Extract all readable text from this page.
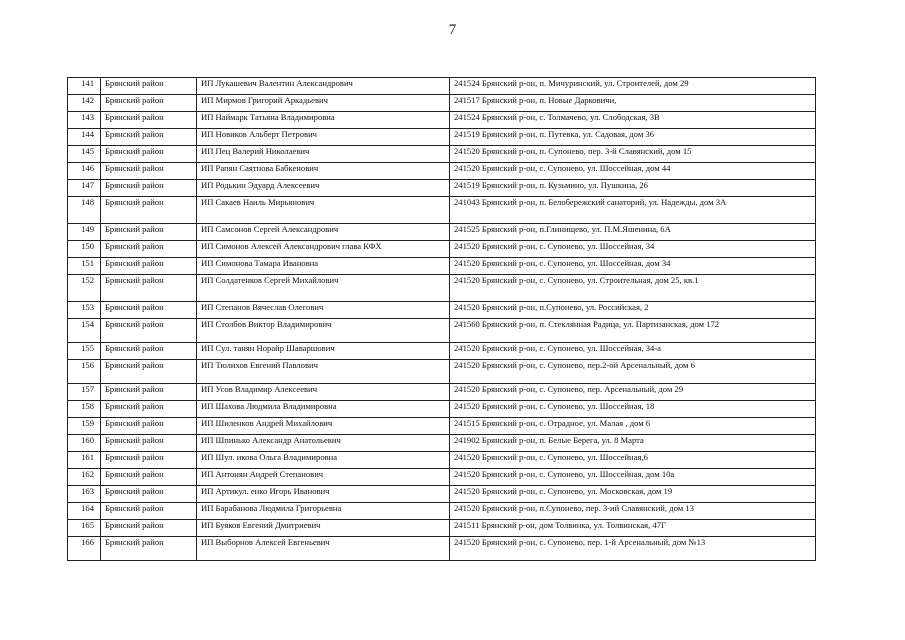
7
141	Брянский район	ИП Лукашевич Валентин Александрович	241524 Брянский р-он, п. Мичуринский, ул. Строителей, дом 29
142	Брянский район	ИП Мирмов Григорий Аркадьевич	241517 Брянский р-он, п. Новые Дарковичи,
143	Брянский район	ИП Наймарк Татьяна Владимировна	241524 Брянский р-он, с. Толмачево, ул. Слободская, 3В
144	Брянский район	ИП Новиков Альберт Петрович	241519 Брянский р-он, п. Путевка, ул. Садовая, дом 36
145	Брянский район	ИП Пец Валерий Николаевич	241520 Брянский р-он, п. Супонево, пер. 3-й Славянский, дом 15
146	Брянский район	ИП Рапян Саятнова Бабкенович	241520 Брянский р-он, с. Супонево, ул. Шоссейная, дом 44
147	Брянский район	ИП Родькин Эдуард Алексеевич	241519 Брянский р-он, п. Кузьмино, ул. Пушкина, 26
148	Брянский район	ИП Сакаев Наиль Мирьянович	241043 Брянский р-он, п. Белобережский санаторий, ул. Надежды, дом 3А
149	Брянский район	ИП Самсонов Сергей Александрович	241525 Брянский р-он, п.Глинищево, ул. П.М.Яшенина, 6А
150	Брянский район	ИП Симонов Алексей Александрович глава КФХ	241520 Брянский р-он, с. Супонево, ул. Шоссейная, 34
151	Брянский район	ИП Симонова Тамара Ивановна	241520 Брянский р-он, с. Супонево, ул. Шоссейная, дом 34
152	Брянский район	ИП Солдатенков Сергей Михайлович	241520 Брянский р-он, с. Супонево, ул. Строительная, дом 25, кв.1
153	Брянский район	ИП Степанов Вячеслав Олегович	241520 Брянский р-он, п.Супонево, ул. Российская, 2
154	Брянский район	ИП Столбов Виктор Владимирович	241560 Брянский р-он, п. Стеклянная Радица, ул. Партизанская, дом 172
155	Брянский район	ИП Сул. танян Норайр Шаваршович	241520 Брянский р-он, с. Супонево, ул. Шоссейная, 34-а
156	Брянский район	ИП Тюлихов Евгений Павлович	241520 Брянский р-он, с. Супонево, пер.2-ой Арсенальный, дом 6
157	Брянский район	ИП Усов Владимир Алексеевич	241520 Брянский р-он, с. Супонево, пер. Арсенальный, дом 29
158	Брянский район	ИП Шахова Людмила Владимировна	241520 Брянский р-он, с. Супонево, ул. Шоссейная, 18
159	Брянский район	ИП Шиленков Андрей Михайлович	241515 Брянский р-он, с. Отрадное, ул. Малая , дом 6
160	Брянский район	ИП Шпинько Александр Анатольевич	241902 Брянский р-он, п. Белые Берега, ул. 8 Марта
161	Брянский район	ИП Шул. икова Ольга Владимировна	241520 Брянский р-он, с. Супонево, ул. Шоссейная,6
162	Брянский район	ИП Антонян Андрей Степанович	241520 Брянский р-он, с. Супонево, ул. Шоссейная, дом 10а
163	Брянский район	ИП Артикул. енко Игорь Иванович	241520 Брянский р-он, с. Супонево, ул. Московская, дом 19
164	Брянский район	ИП Барабанова Людмила Григорьевна	241520 Брянский р-он, п.Супонево, пер. 3-ий Славянский, дом 13
165	Брянский район	ИП Буяков Евгений Дмитриевич	241511 Брянский р-он, дом Толвинка, ул. Толвинская, 47Г
166	Брянский район	ИП Выборнов Алексей Евгеньевич	241520 Брянский р-он, с. Супонево, пер. 1-й Арсенальный, дом №13
